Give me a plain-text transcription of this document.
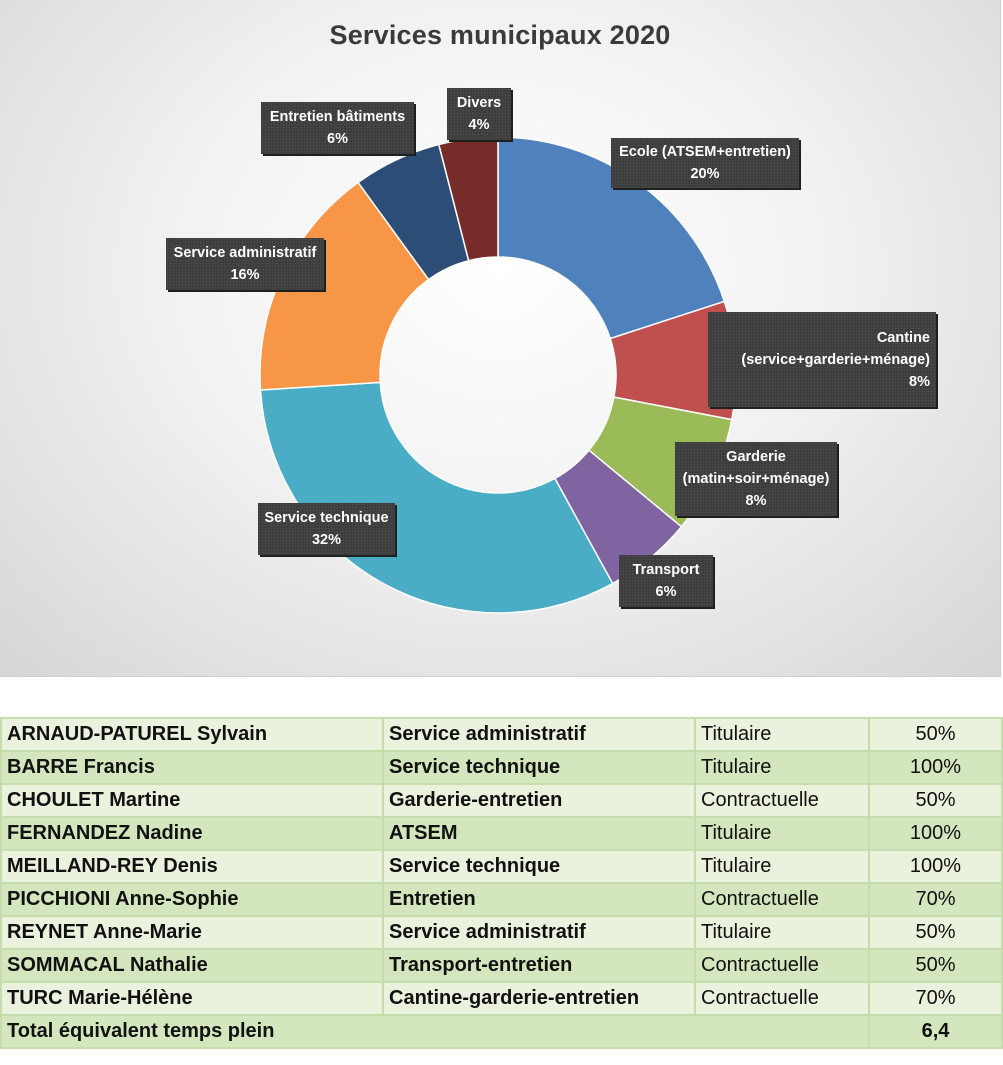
Services municipaux 2020
Divers
4%
Ecole (ATSEM+entretien)
20%
Entretien bâtiments
6%
Service administratif
16%
Cantine
(service+garderie+ménage)
8%
Garderie
(matin+soir+ménage)
8%
Service technique
32%
Transport
6%
ARNAUD-PATUREL Sylvain	Service administratif	Titulaire	50%
BARRE Francis	Service technique	Titulaire	100%
CHOULET Martine	Garderie-entretien	Contractuelle	50%
FERNANDEZ Nadine	ATSEM	Titulaire	100%
MEILLAND-REY Denis	Service technique	Titulaire	100%
PICCHIONI Anne-Sophie	Entretien	Contractuelle	70%
REYNET Anne-Marie	Service administratif	Titulaire	50%
SOMMACAL Nathalie	Transport-entretien	Contractuelle	50%
TURC Marie-Hélène	Cantine-garderie-entretien	Contractuelle	70%
Total équivalent temps plein			6,4
